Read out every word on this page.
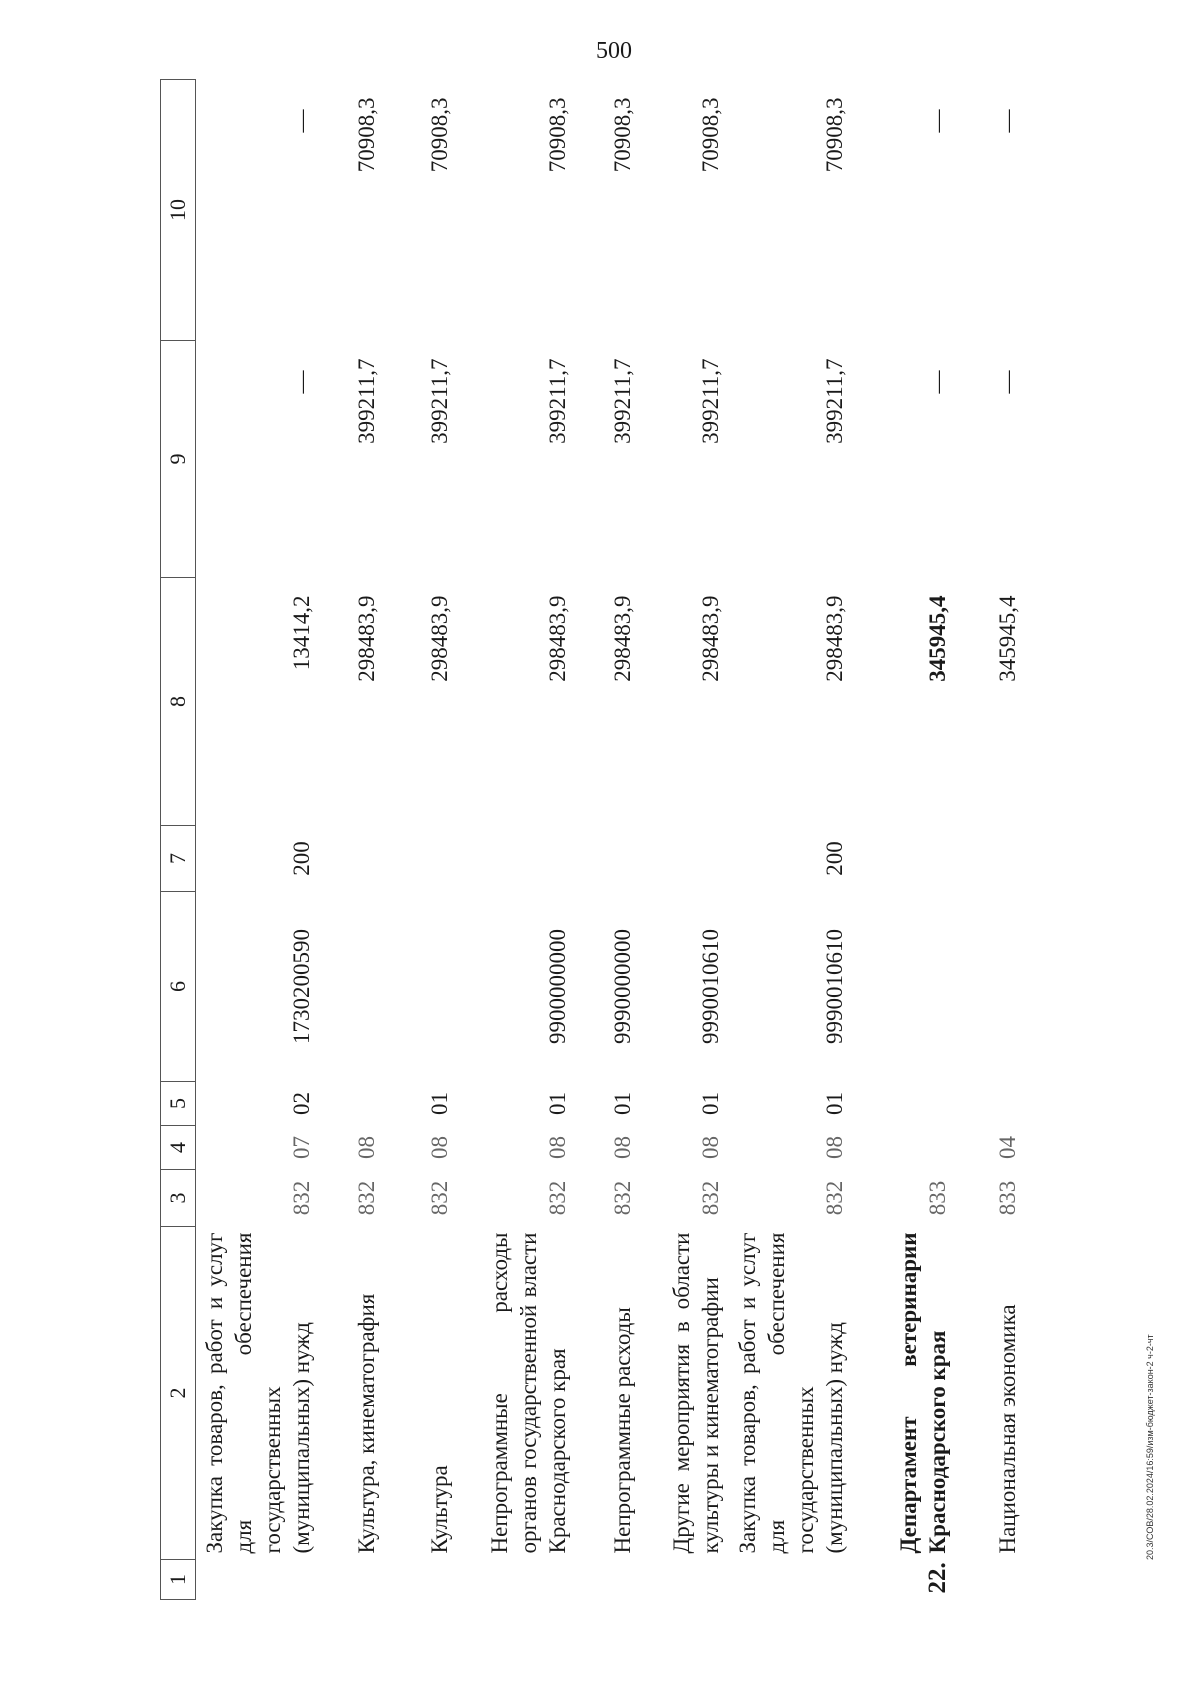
500
20.3/СОВ/28.02.2024/16:59/изм-бюджет-закон-2 ч-2-чт
1	2	3	4	5	6	7	8	9	10
	Закупка товаров, работ и услуг для обеспечения государственных (муниципальных) нужд	832	07	02	1730200590	200	13414,2	—	—
	Культура, кинематография	832	08				298483,9	399211,7	70908,3
	Культура	832	08	01			298483,9	399211,7	70908,3
	Непрограммные расходы органов государственной власти Краснодарского края	832	08	01	9900000000		298483,9	399211,7	70908,3
	Непрограммные расходы	832	08	01	9990000000		298483,9	399211,7	70908,3
	Другие мероприятия в области культуры и кинематографии	832	08	01	9990010610		298483,9	399211,7	70908,3
	Закупка товаров, работ и услуг для обеспечения государственных (муниципальных) нужд	832	08	01	9990010610	200	298483,9	399211,7	70908,3
22.	Департамент ветеринарии Краснодарского края	833					345945,4	—	—
	Национальная экономика	833	04				345945,4	—	—
